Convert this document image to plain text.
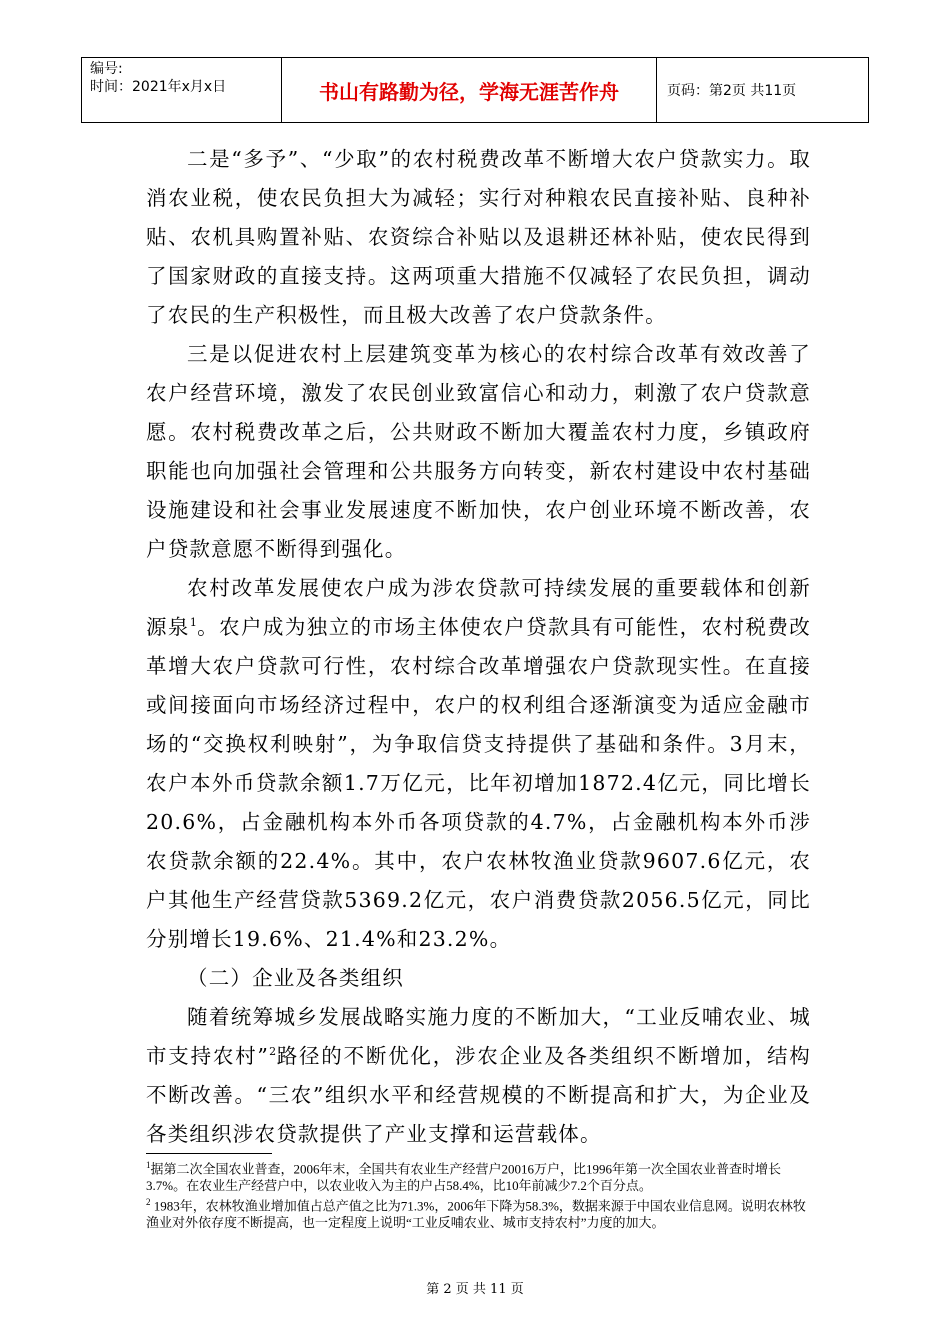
编号:
时间：2021年x月x日	书山有路勤为径，学海无涯苦作舟	页码：第2页 共11页

二是“多予”、“少取”的农村税费改革不断增大农户贷款实力。取消农业税，使农民负担大为减轻；实行对种粮农民直接补贴、良种补贴、农机具购置补贴、农资综合补贴以及退耕还林补贴，使农民得到了国家财政的直接支持。这两项重大措施不仅减轻了农民负担，调动了农民的生产积极性，而且极大改善了农户贷款条件。

三是以促进农村上层建筑变革为核心的农村综合改革有效改善了农户经营环境，激发了农民创业致富信心和动力，刺激了农户贷款意愿。农村税费改革之后，公共财政不断加大覆盖农村力度，乡镇政府职能也向加强社会管理和公共服务方向转变，新农村建设中农村基础设施建设和社会事业发展速度不断加快，农户创业环境不断改善，农户贷款意愿不断得到强化。

农村改革发展使农户成为涉农贷款可持续发展的重要载体和创新源泉$^1$。农户成为独立的市场主体使农户贷款具有可能性，农村税费改革增大农户贷款可行性，农村综合改革增强农户贷款现实性。在直接或间接面向市场经济过程中，农户的权利组合逐渐演变为适应金融市场的“交换权利映射”，为争取信贷支持提供了基础和条件。3月末，农户本外币贷款余额1.7万亿元，比年初增加1872.4亿元，同比增长20.6%，占金融机构本外币各项贷款的4.7%，占金融机构本外币涉农贷款余额的22.4%。其中，农户农林牧渔业贷款9607.6亿元，农户其他生产经营贷款5369.2亿元，农户消费贷款2056.5亿元，同比分别增长19.6%、21.4%和23.2%。

（二）企业及各类组织

随着统筹城乡发展战略实施力度的不断加大，“工业反哺农业、城市支持农村”$^2$路径的不断优化，涉农企业及各类组织不断增加，结构不断改善。“三农”组织水平和经营规模的不断提高和扩大，为企业及各类组织涉农贷款提供了产业支撑和运营载体。

$^1$据第二次全国农业普查，2006年末，全国共有农业生产经营户20016万户，比1996年第一次全国农业普查时增长3.7%。在农业生产经营户中，以农业收入为主的户占58.4%，比10年前减少7.2个百分点。

$^2$ 1983年，农林牧渔业增加值占总产值之比为71.3%，2006年下降为58.3%，数据来源于中国农业信息网。说明农林牧渔业对外依存度不断提高，也一定程度上说明“工业反哺农业、城市支持农村”力度的加大。

第 2 页 共 11 页
